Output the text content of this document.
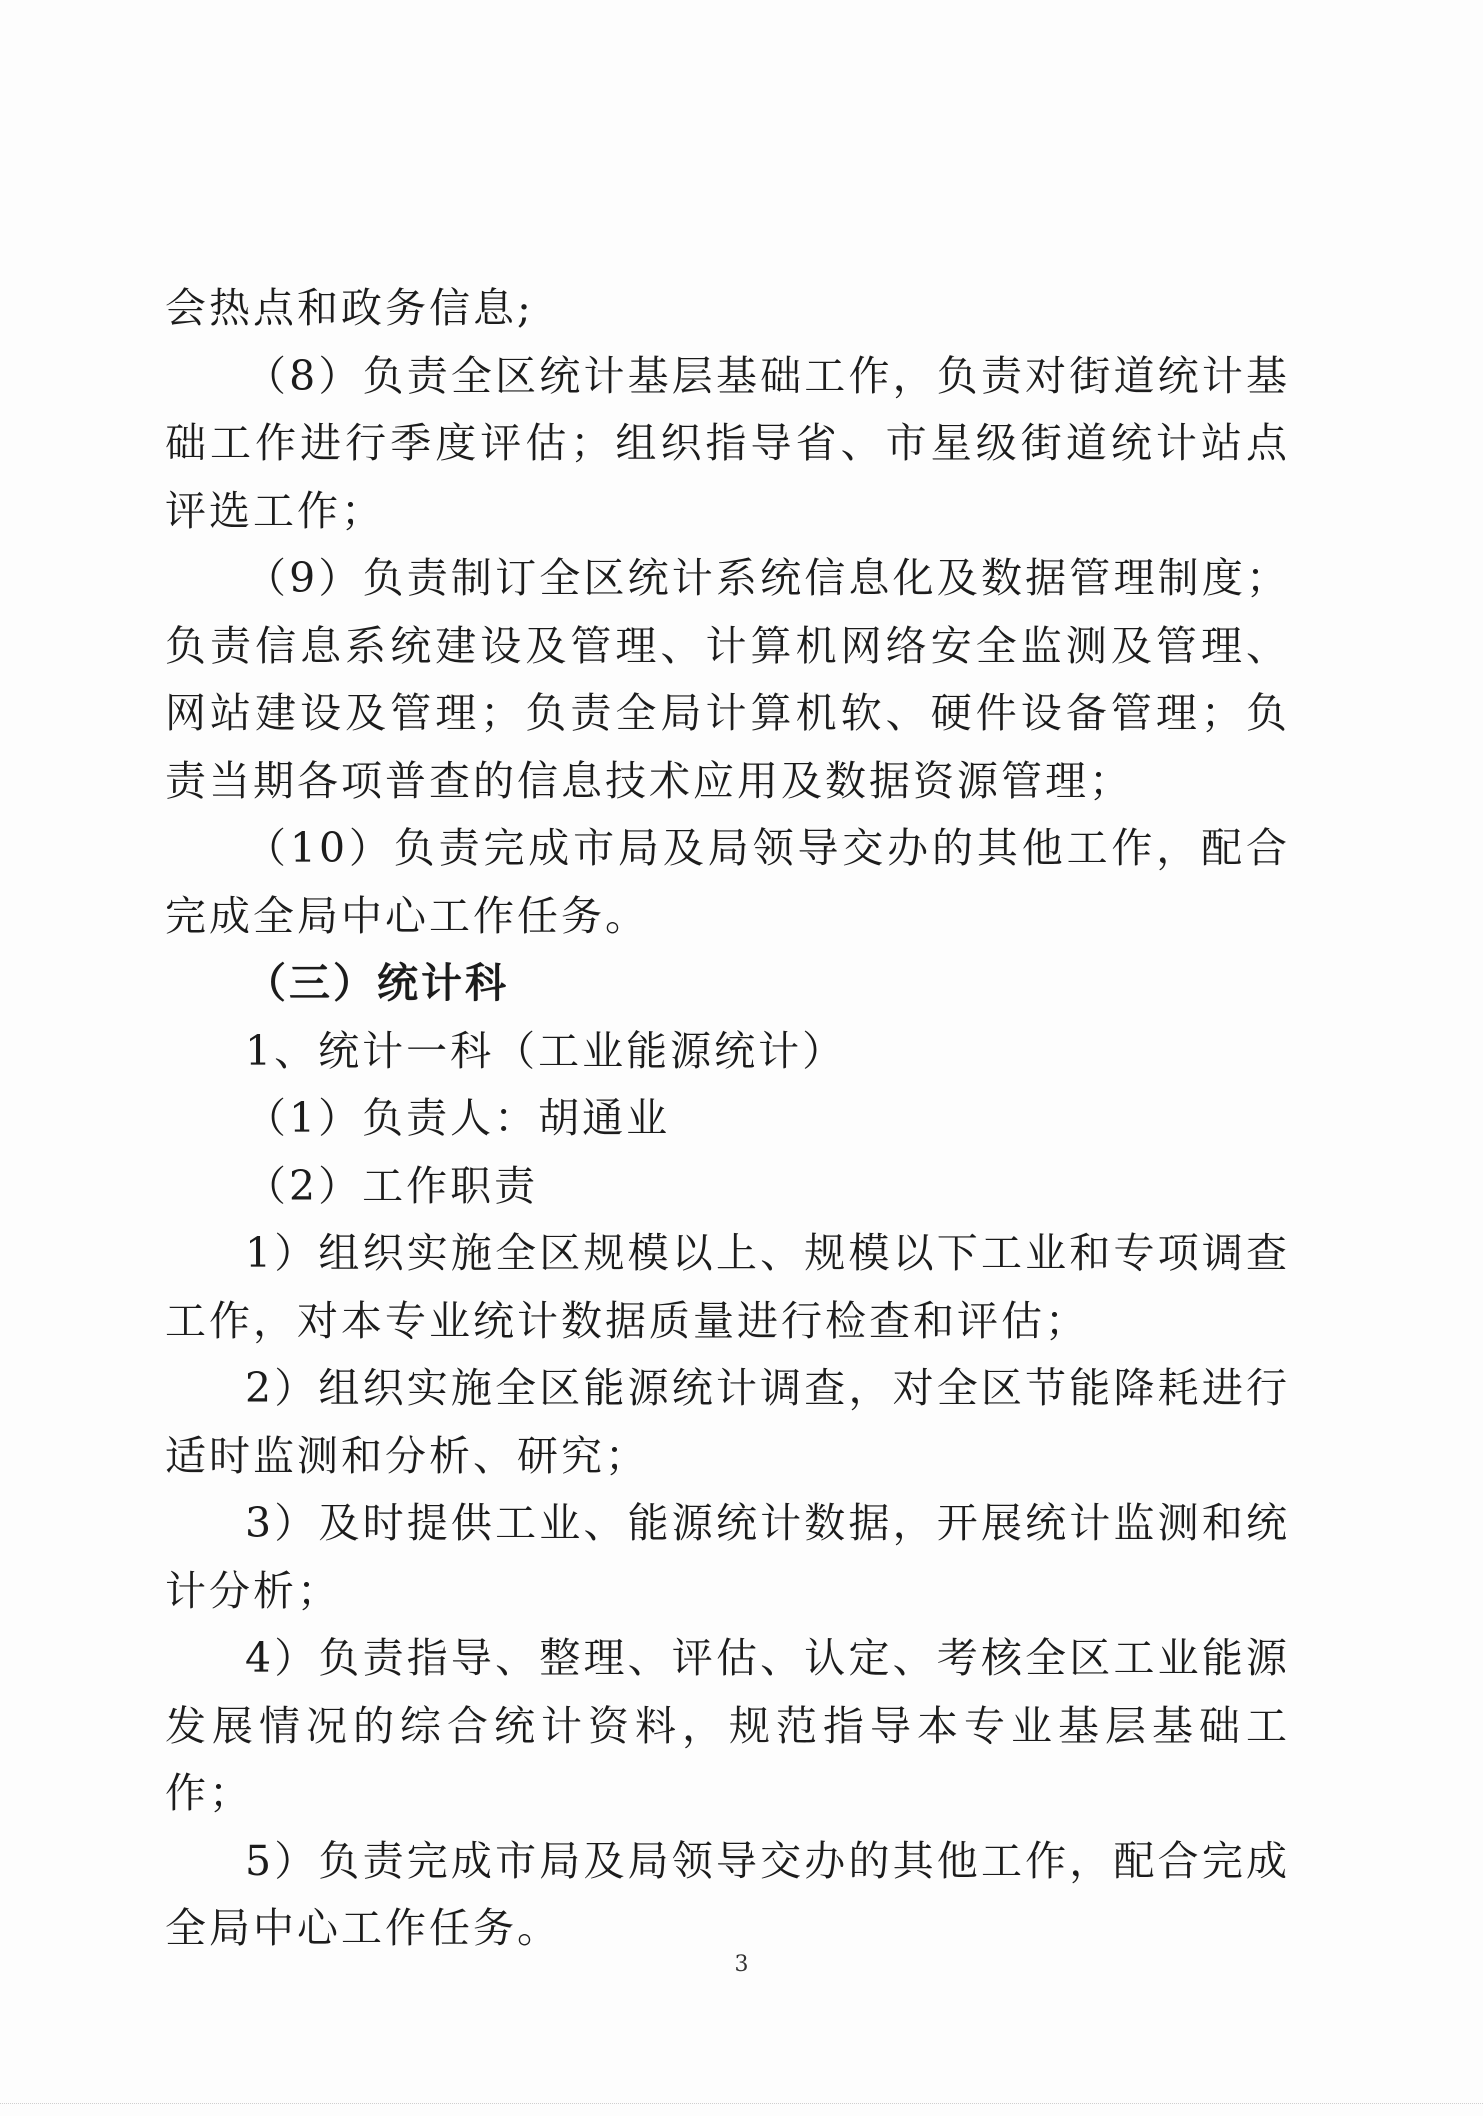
会热点和政务信息;

（8）负责全区统计基层基础工作，负责对街道统计基础工作进行季度评估；组织指导省、市星级街道统计站点评选工作；

（9）负责制订全区统计系统信息化及数据管理制度；负责信息系统建设及管理、计算机网络安全监测及管理、网站建设及管理；负责全局计算机软、硬件设备管理；负责当期各项普查的信息技术应用及数据资源管理；

（10）负责完成市局及局领导交办的其他工作，配合完成全局中心工作任务。

（三）统计科

1、统计一科（工业能源统计）

（1）负责人：胡通业

（2）工作职责

1）组织实施全区规模以上、规模以下工业和专项调查工作，对本专业统计数据质量进行检查和评估；

2）组织实施全区能源统计调查，对全区节能降耗进行适时监测和分析、研究；

3）及时提供工业、能源统计数据，开展统计监测和统计分析；

4）负责指导、整理、评估、认定、考核全区工业能源发展情况的综合统计资料，规范指导本专业基层基础工作；

5）负责完成市局及局领导交办的其他工作，配合完成全局中心工作任务。

3
